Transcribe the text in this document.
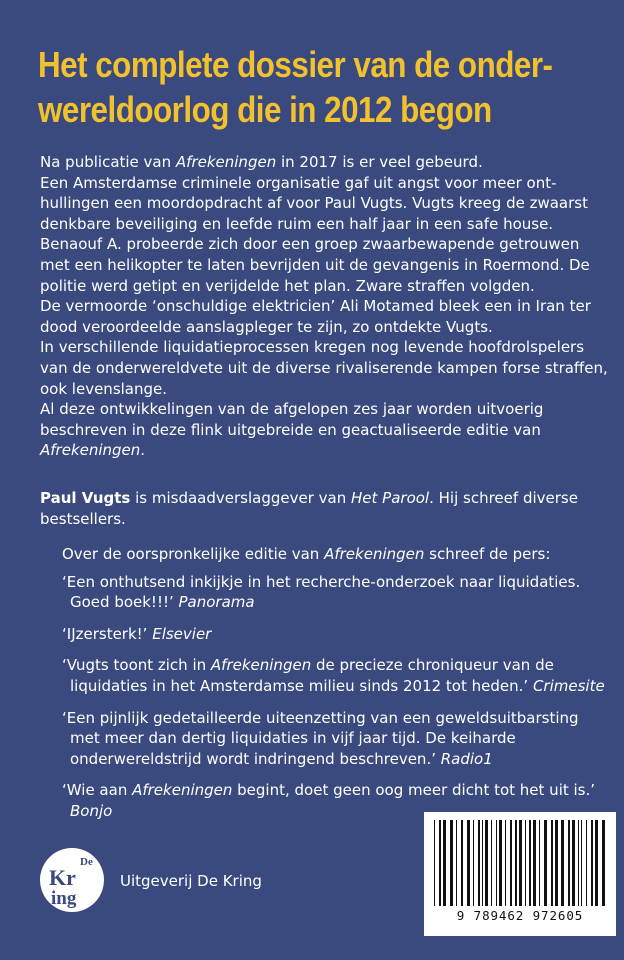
Het complete dossier van de onder-
wereldoorlog die in 2012 begon

Na publicatie van Afrekeningen in 2017 is er veel gebeurd.

Een Amsterdamse criminele organisatie gaf uit angst voor meer ont-hullingen een moordopdracht af voor Paul Vugts. Vugts kreeg de zwaarst denkbare beveiliging en leefde ruim een half jaar in een safe house.

Benaouf A. probeerde zich door een groep zwaarbewapende getrouwen met een helikopter te laten bevrijden uit de gevangenis in Roermond. De politie werd getipt en verijdelde het plan. Zware straffen volgden.

De vermoorde ‘onschuldige elektricien’ Ali Motamed bleek een in Iran ter dood veroordeelde aanslagpleger te zijn, zo ontdekte Vugts.

In verschillende liquidatieprocessen kregen nog levende hoofdrolspelers van de onderwereldvete uit de diverse rivaliserende kampen forse straffen, ook levenslange.

Al deze ontwikkelingen van de afgelopen zes jaar worden uitvoerig beschreven in deze flink uitgebreide en geactualiseerde editie van Afrekeningen.

Paul Vugts is misdaadverslaggever van Het Parool. Hij schreef diverse bestsellers.

Over de oorspronkelijke editie van Afrekeningen schreef de pers:

‘Een onthutsend inkijkje in het recherche-onderzoek naar liquidaties.
Goed boek!!!’ Panorama

‘IJzersterk!’ Elsevier

‘Vugts toont zich in Afrekeningen de precieze chroniqueur van de
liquidaties in het Amsterdamse milieu sinds 2012 tot heden.’ Crimesite

‘Een pijnlijk gedetailleerde uiteenzetting van een geweldsuitbarsting
met meer dan dertig liquidaties in vijf jaar tijd. De keiharde
onderwereldstrijd wordt indringend beschreven.’ Radio1

‘Wie aan Afrekeningen begint, doet geen oog meer dicht tot het uit is.’
Bonjo

De
Kr
ing
Uitgeverij De Kring
9 789462 972605
